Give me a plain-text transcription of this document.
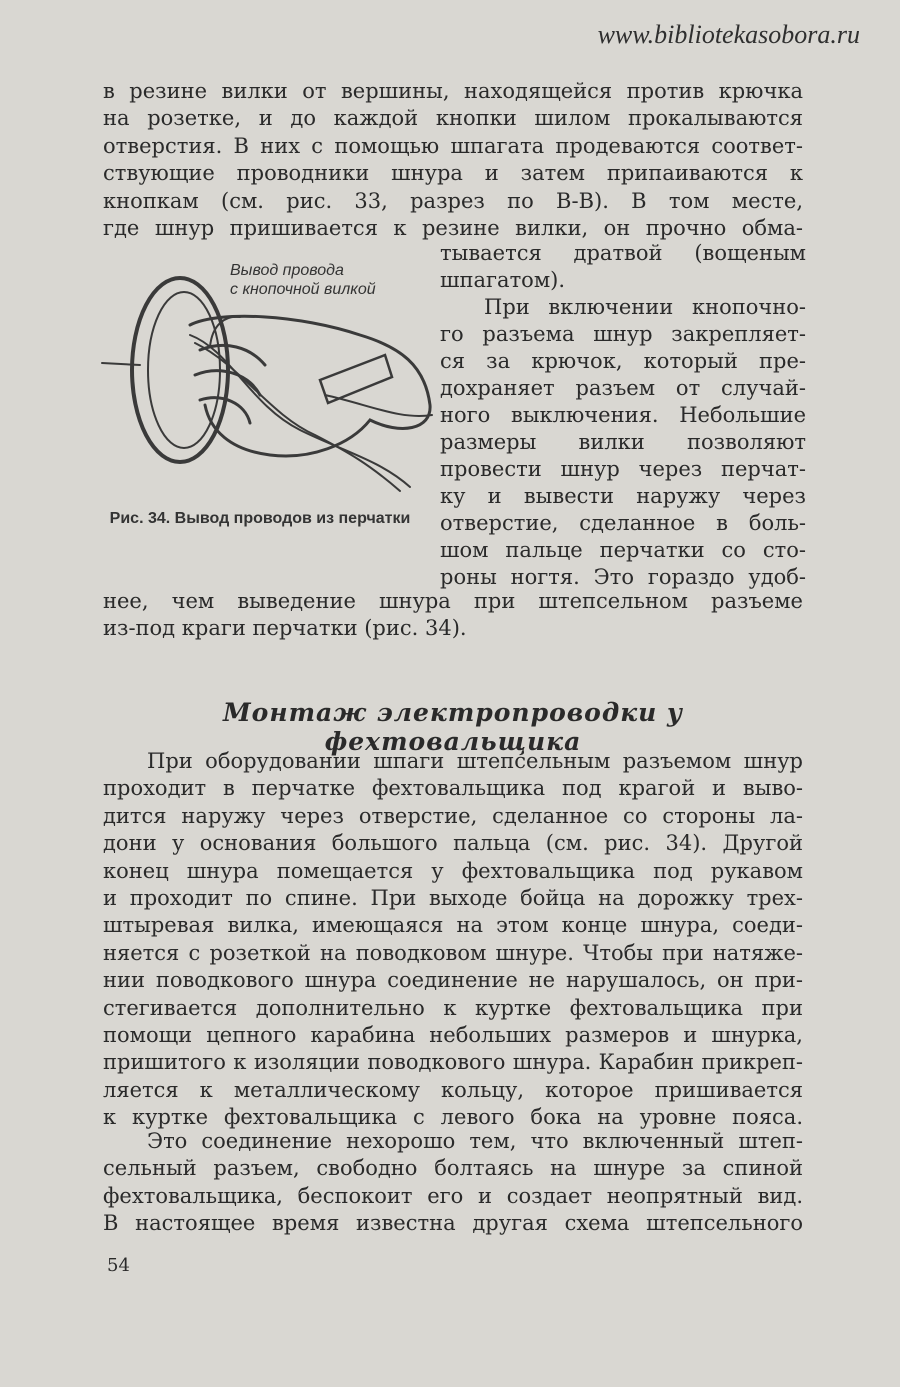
www.bibliotekasobora.ru
в резине вилки от вершины, находящейся против крючка
на розетке, и до каждой кнопки шилом прокалываются
отверстия. В них с помощью шпагата продеваются соответ-
ствующие проводники шнура и затем припаиваются к
кнопкам (см. рис. 33, разрез по В-В). В том месте,
где шнур пришивается к резине вилки, он прочно обма-
Вывод провода
с кнопочной вилкой
Рис. 34. Вывод проводов из перчатки
тывается дратвой (вощеным
шпагатом).
При включении кнопочно-
го разъема шнур закрепляет-
ся за крючок, который пре-
дохраняет разъем от случай-
ного выключения. Небольшие
размеры вилки позволяют
провести шнур через перчат-
ку и вывести наружу через
отверстие, сделанное в боль-
шом пальце перчатки со сто-
роны ногтя. Это гораздо удоб-
нее, чем выведение шнура при штепсельном разъеме
из-под краги перчатки (рис. 34).
Монтаж электропроводки у фехтовальщика
При оборудовании шпаги штепсельным разъемом шнур
проходит в перчатке фехтовальщика под крагой и выво-
дится наружу через отверстие, сделанное со стороны ла-
дони у основания большого пальца (см. рис. 34). Другой
конец шнура помещается у фехтовальщика под рукавом
и проходит по спине. При выходе бойца на дорожку трех-
штыревая вилка, имеющаяся на этом конце шнура, соеди-
няется с розеткой на поводковом шнуре. Чтобы при натяже-
нии поводкового шнура соединение не нарушалось, он при-
стегивается дополнительно к куртке фехтовальщика при
помощи цепного карабина небольших размеров и шнурка,
пришитого к изоляции поводкового шнура. Карабин прикреп-
ляется к металлическому кольцу, которое пришивается
к куртке фехтовальщика с левого бока на уровне пояса.
Это соединение нехорошо тем, что включенный штеп-
сельный разъем, свободно болтаясь на шнуре за спиной
фехтовальщика, беспокоит его и создает неопрятный вид.
В настоящее время известна другая схема штепсельного
54
